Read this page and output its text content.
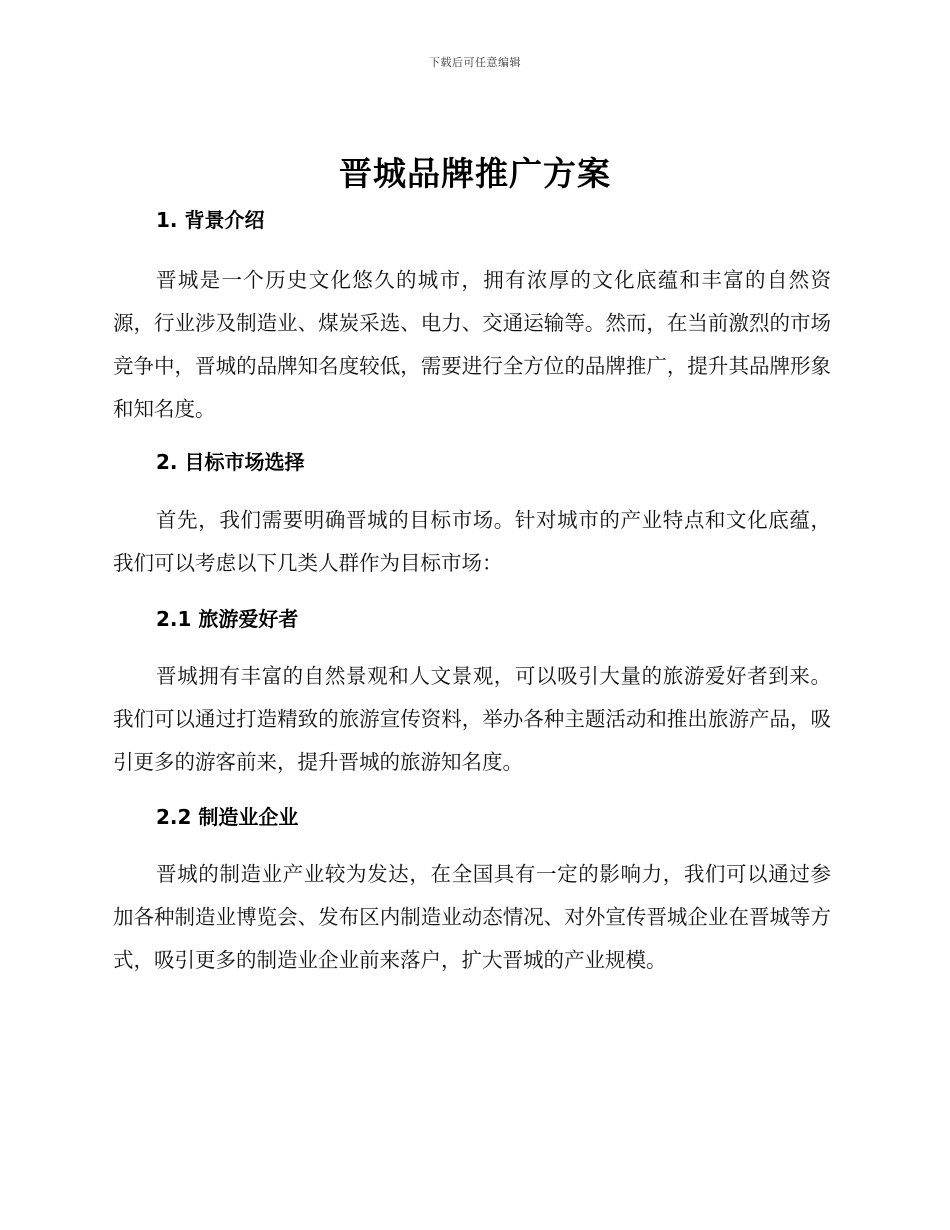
下载后可任意编辑
晋城品牌推广方案
1. 背景介绍

晋城是一个历史文化悠久的城市，拥有浓厚的文化底蕴和丰富的自然资源，行业涉及制造业、煤炭采选、电力、交通运输等。然而，在当前激烈的市场竞争中，晋城的品牌知名度较低，需要进行全方位的品牌推广，提升其品牌形象和知名度。

2. 目标市场选择

首先，我们需要明确晋城的目标市场。针对城市的产业特点和文化底蕴，我们可以考虑以下几类人群作为目标市场：

2.1 旅游爱好者

晋城拥有丰富的自然景观和人文景观，可以吸引大量的旅游爱好者到来。我们可以通过打造精致的旅游宣传资料，举办各种主题活动和推出旅游产品，吸引更多的游客前来，提升晋城的旅游知名度。

2.2 制造业企业

晋城的制造业产业较为发达，在全国具有一定的影响力，我们可以通过参加各种制造业博览会、发布区内制造业动态情况、对外宣传晋城企业在晋城等方式，吸引更多的制造业企业前来落户，扩大晋城的产业规模。
